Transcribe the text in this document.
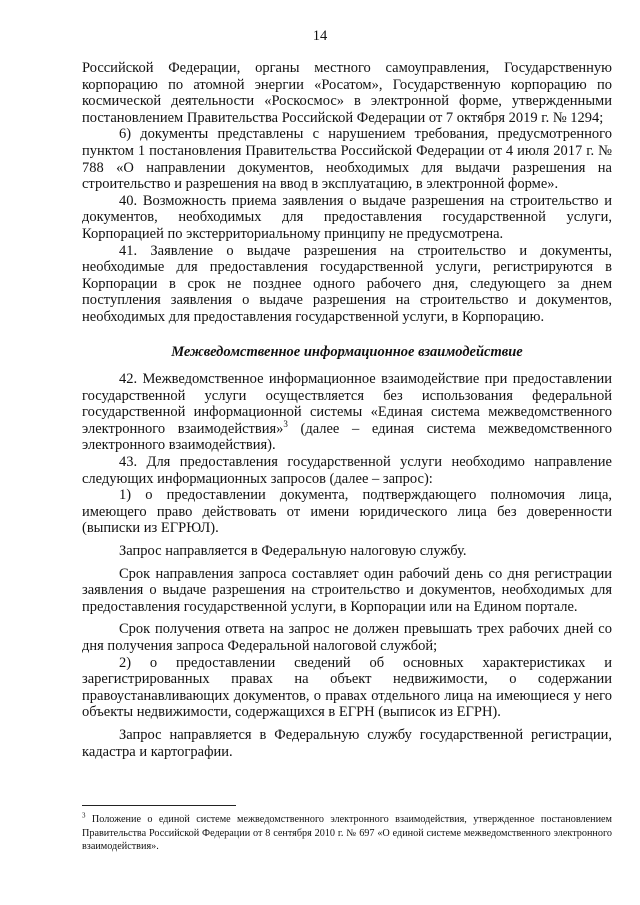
14

Российской Федерации, органы местного самоуправления, Государственную корпорацию по атомной энергии «Росатом», Государственную корпорацию по космической деятельности «Роскосмос» в электронной форме, утвержденными постановлением Правительства Российской Федерации от 7 октября 2019 г. № 1294;

6) документы представлены с нарушением требования, предусмотренного пунктом 1 постановления Правительства Российской Федерации от 4 июля 2017 г. № 788 «О направлении документов, необходимых для выдачи разрешения на строительство и разрешения на ввод в эксплуатацию, в электронной форме».

40. Возможность приема заявления о выдаче разрешения на строительство и документов, необходимых для предоставления государственной услуги, Корпорацией по экстерриториальному принципу не предусмотрена.

41. Заявление о выдаче разрешения на строительство и документы, необходимые для предоставления государственной услуги, регистрируются в Корпорации в срок не позднее одного рабочего дня, следующего за днем поступления заявления о выдаче разрешения на строительство и документов, необходимых для предоставления государственной услуги, в Корпорацию.

Межведомственное информационное взаимодействие

42. Межведомственное информационное взаимодействие при предоставлении государственной услуги осуществляется без использования федеральной государственной информационной системы «Единая система межведомственного электронного взаимодействия»$^3$ (далее – единая система межведомственного электронного взаимодействия).

43. Для предоставления государственной услуги необходимо направление следующих информационных запросов (далее – запрос):

1) о предоставлении документа, подтверждающего полномочия лица, имеющего право действовать от имени юридического лица без доверенности (выписки из ЕГРЮЛ).

Запрос направляется в Федеральную налоговую службу.

Срок направления запроса составляет один рабочий день со дня регистрации заявления о выдаче разрешения на строительство и документов, необходимых для предоставления государственной услуги, в Корпорации или на Едином портале.

Срок получения ответа на запрос не должен превышать трех рабочих дней со дня получения запроса Федеральной налоговой службой;

2) о предоставлении сведений об основных характеристиках и зарегистрированных правах на объект недвижимости, о содержании правоустанавливающих документов, о правах отдельного лица на имеющиеся у него объекты недвижимости, содержащихся в ЕГРН (выписок из ЕГРН).

Запрос направляется в Федеральную службу государственной регистрации, кадастра и картографии.

$^3$ Положение о единой системе межведомственного электронного взаимодействия, утвержденное постановлением Правительства Российской Федерации от 8 сентября 2010 г. № 697 «О единой системе межведомственного электронного взаимодействия».
